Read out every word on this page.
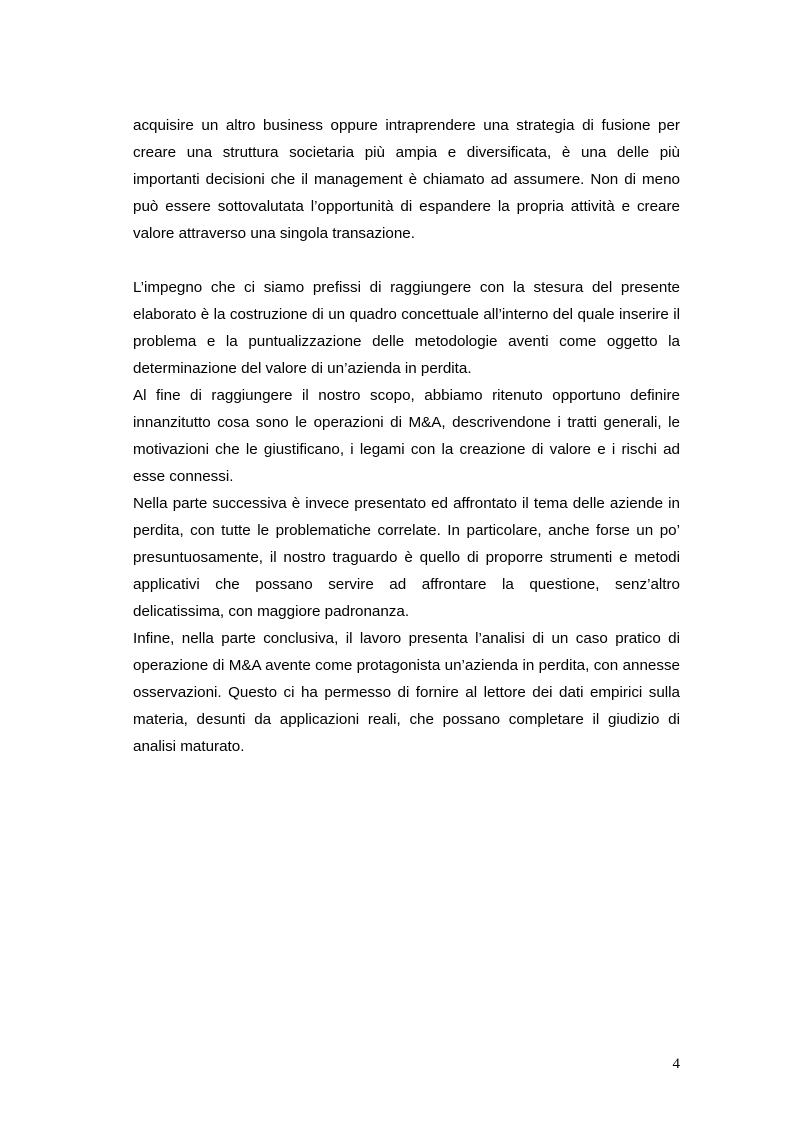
acquisire un altro business oppure intraprendere una strategia di fusione per creare una struttura societaria più ampia e diversificata, è una delle più importanti decisioni che il management è chiamato ad assumere. Non di meno può essere sottovalutata l’opportunità di espandere la propria attività e creare valore attraverso una singola transazione.

L’impegno che ci siamo prefissi di raggiungere con la stesura del presente elaborato è la costruzione di un quadro concettuale all’interno del quale inserire il problema e la puntualizzazione delle metodologie aventi come oggetto la determinazione del valore di un’azienda in perdita.

Al fine di raggiungere il nostro scopo, abbiamo ritenuto opportuno definire innanzitutto cosa sono le operazioni di M&A, descrivendone i tratti generali, le motivazioni che le giustificano, i legami con la creazione di valore e i rischi ad esse connessi.

Nella parte successiva è invece presentato ed affrontato il tema delle aziende in perdita, con tutte le problematiche correlate. In particolare, anche forse un po’ presuntuosamente, il nostro traguardo è quello di proporre strumenti e metodi applicativi che possano servire ad affrontare la questione, senz’altro delicatissima, con maggiore padronanza.

Infine, nella parte conclusiva, il lavoro presenta l’analisi di un caso pratico di operazione di M&A avente come protagonista un’azienda in perdita, con annesse osservazioni. Questo ci ha permesso di fornire al lettore dei dati empirici sulla materia, desunti da applicazioni reali, che possano completare il giudizio di analisi maturato.

4
